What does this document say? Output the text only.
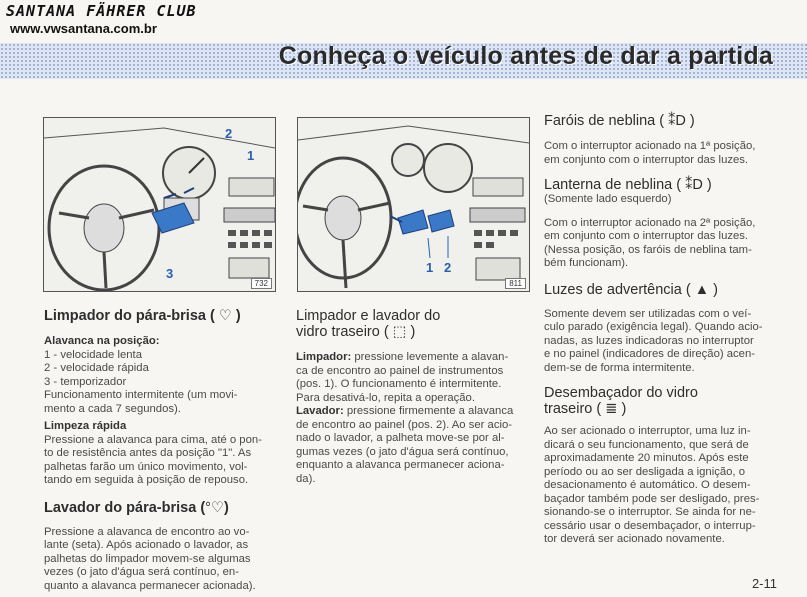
SANTANA FÄHRER CLUB
www.vwsantana.com.br
Conheça o veículo antes de dar a partida
2
1
3
732
1 2
811
Limpador do pára-brisa ( ♡ )

Alavanca na posição:

1 - velocidade lenta

2 - velocidade rápida

3 - temporizador

Funcionamento intermitente (um movi-

mento a cada 7 segundos).

Limpeza rápida

Pressione a alavanca para cima, até o pon-

to de resistência antes da posição "1". As

palhetas farão um único movimento, vol-

tando em seguida à posição de repouso.

Lavador do pára-brisa (°♡)

Pressione a alavanca de encontro ao vo-

lante (seta). Após acionado o lavador, as

palhetas do limpador movem-se algumas

vezes (o jato d'água será contínuo, en-

quanto a alavanca permanecer acionada).

Limpador e lavador do
vidro traseiro ( ⬚ )

Limpador: pressione levemente a alavan-

ca de encontro ao painel de instrumentos

(pos. 1). O funcionamento é intermitente.

Para desativá-lo, repita a operação.

Lavador: pressione firmemente a alavanca

de encontro ao painel (pos. 2). Ao ser acio-

nado o lavador, a palheta move-se por al-

gumas vezes (o jato d'água será contínuo,

enquanto a alavanca permanecer aciona-

da).

Faróis de neblina ( ⁑D )

Com o interruptor acionado na 1ª posição,

em conjunto com o interruptor das luzes.

Lanterna de neblina ( ⁑D )

(Somente lado esquerdo)

Com o interruptor acionado na 2ª posição,

em conjunto com o interruptor das luzes.

(Nessa posição, os faróis de neblina tam-

bém funcionam).

Luzes de advertência ( ▲ )

Somente devem ser utilizadas com o veí-

culo parado (exigência legal). Quando acio-

nadas, as luzes indicadoras no interruptor

e no painel (indicadores de direção) acen-

dem-se de forma intermitente.

Desembaçador do vidro
traseiro ( ≣ )

Ao ser acionado o interruptor, uma luz in-

dicará o seu funcionamento, que será de

aproximadamente 20 minutos. Após este

período ou ao ser desligada a ignição, o

desacionamento é automático. O desem-

baçador também pode ser desligado, pres-

sionando-se o interruptor. Se ainda for ne-

cessário usar o desembaçador, o interrup-

tor deverá ser acionado novamente.

2-11
